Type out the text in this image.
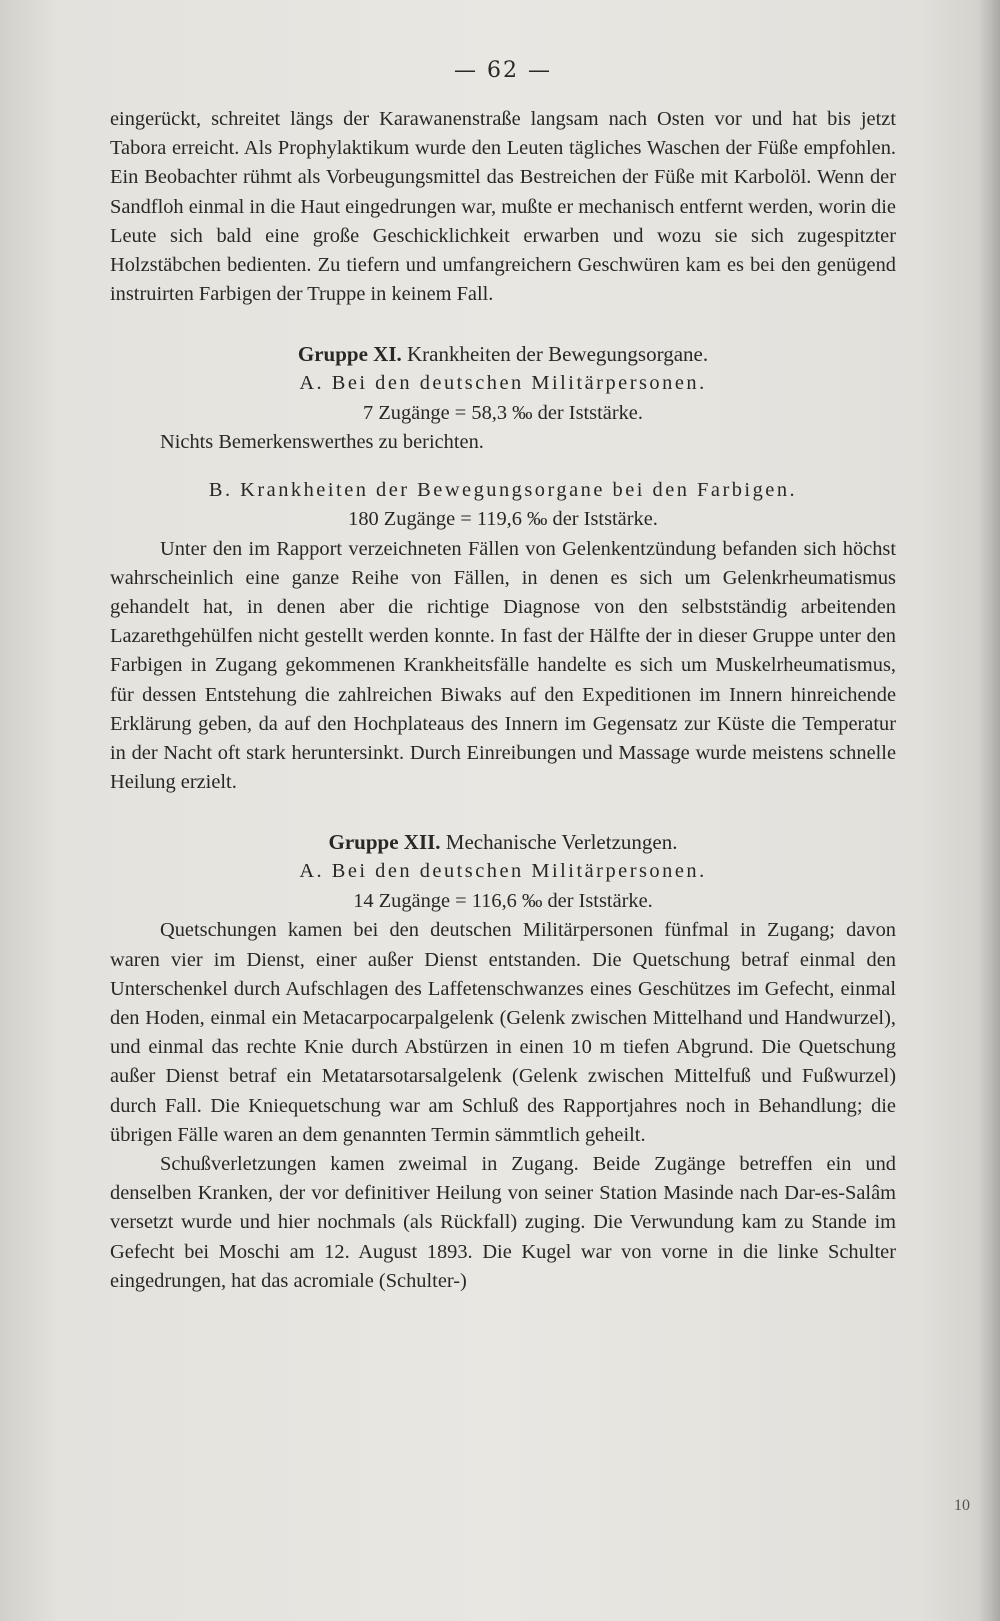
— 62 —

eingerückt, schreitet längs der Karawanenstraße langsam nach Osten vor und hat bis jetzt Tabora erreicht. Als Prophylaktikum wurde den Leuten tägliches Waschen der Füße empfohlen. Ein Beobachter rühmt als Vorbeugungsmittel das Bestreichen der Füße mit Karbolöl. Wenn der Sandfloh einmal in die Haut eingedrungen war, mußte er mechanisch entfernt werden, worin die Leute sich bald eine große Geschicklichkeit erwarben und wozu sie sich zugespitzter Holzstäbchen bedienten. Zu tiefern und umfangreichern Geschwüren kam es bei den genügend instruirten Farbigen der Truppe in keinem Fall.

Gruppe XI. Krankheiten der Bewegungsorgane.

A. Bei den deutschen Militärpersonen.

7 Zugänge = 58,3 ‰ der Iststärke.

Nichts Bemerkenswerthes zu berichten.

B. Krankheiten der Bewegungsorgane bei den Farbigen.

180 Zugänge = 119,6 ‰ der Iststärke.

Unter den im Rapport verzeichneten Fällen von Gelenkentzündung befanden sich höchst wahrscheinlich eine ganze Reihe von Fällen, in denen es sich um Gelenkrheumatismus gehandelt hat, in denen aber die richtige Diagnose von den selbstständig arbeitenden Lazarethgehülfen nicht gestellt werden konnte. In fast der Hälfte der in dieser Gruppe unter den Farbigen in Zugang gekommenen Krankheitsfälle handelte es sich um Muskelrheumatismus, für dessen Entstehung die zahlreichen Biwaks auf den Expeditionen im Innern hinreichende Erklärung geben, da auf den Hochplateaus des Innern im Gegensatz zur Küste die Temperatur in der Nacht oft stark heruntersinkt. Durch Einreibungen und Massage wurde meistens schnelle Heilung erzielt.

Gruppe XII. Mechanische Verletzungen.

A. Bei den deutschen Militärpersonen.

14 Zugänge = 116,6 ‰ der Iststärke.

Quetschungen kamen bei den deutschen Militärpersonen fünfmal in Zugang; davon waren vier im Dienst, einer außer Dienst entstanden. Die Quetschung betraf einmal den Unterschenkel durch Aufschlagen des Laffetenschwanzes eines Geschützes im Gefecht, einmal den Hoden, einmal ein Metacarpocarpalgelenk (Gelenk zwischen Mittelhand und Handwurzel), und einmal das rechte Knie durch Abstürzen in einen 10 m tiefen Abgrund. Die Quetschung außer Dienst betraf ein Metatarsotarsalgelenk (Gelenk zwischen Mittelfuß und Fußwurzel) durch Fall. Die Kniequetschung war am Schluß des Rapportjahres noch in Behandlung; die übrigen Fälle waren an dem genannten Termin sämmtlich geheilt.

Schußverletzungen kamen zweimal in Zugang. Beide Zugänge betreffen ein und denselben Kranken, der vor definitiver Heilung von seiner Station Masinde nach Dar-es-Salâm versetzt wurde und hier nochmals (als Rückfall) zuging. Die Verwundung kam zu Stande im Gefecht bei Moschi am 12. August 1893. Die Kugel war von vorne in die linke Schulter eingedrungen, hat das acromiale (Schulter-)

10
